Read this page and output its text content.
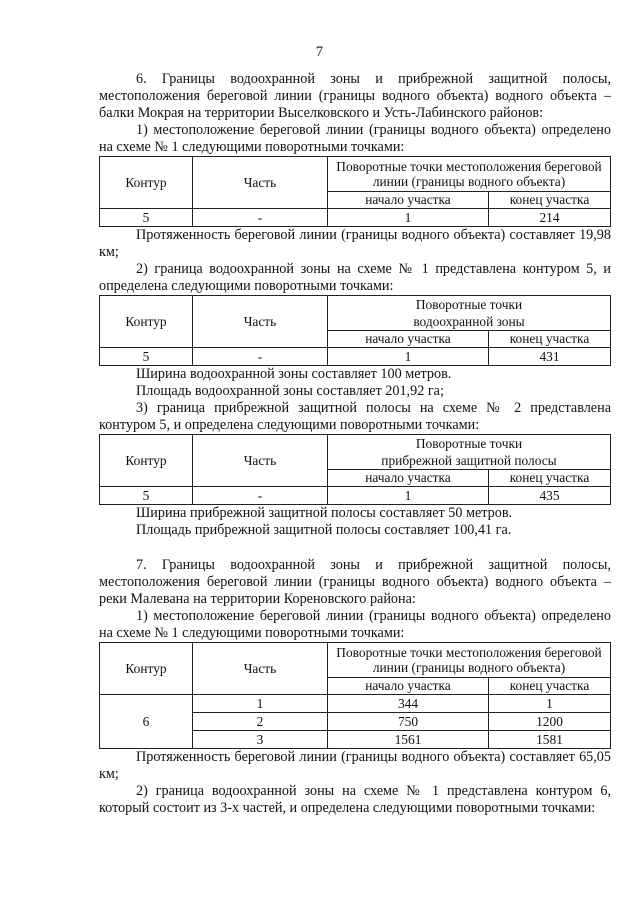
7

6. Границы водоохранной зоны и прибрежной защитной полосы, местоположения береговой линии (границы водного объекта) водного объекта – балки Мокрая на территории Выселковского и Усть-Лабинского районов:

1) местоположение береговой линии (границы водного объекта) определено на схеме № 1 следующими поворотными точками:

Контур	Часть	Поворотные точки местоположения береговой линии (границы водного объекта)	
		начало участка	конец участка
5	-	1	214

Протяженность береговой линии (границы водного объекта) составляет 19,98 км;

2) граница водоохранной зоны на схеме № 1 представлена контуром 5, и определена следующими поворотными точками:

Контур	Часть	Поворотные точки	
		водоохранной зоны	
		начало участка	конец участка
5	-	1	431

Ширина водоохранной зоны составляет 100 метров.

Площадь водоохранной зоны составляет 201,92 га;

3) граница прибрежной защитной полосы на схеме № 2 представлена контуром 5, и определена следующими поворотными точками:

Контур	Часть	Поворотные точки	
		прибрежной защитной полосы	
		начало участка	конец участка
5	-	1	435

Ширина прибрежной защитной полосы составляет 50 метров.

Площадь прибрежной защитной полосы составляет 100,41 га.

7. Границы водоохранной зоны и прибрежной защитной полосы, местоположения береговой линии (границы водного объекта) водного объекта – реки Малевана на территории Кореновского района:

1) местоположение береговой линии (границы водного объекта) определено на схеме № 1 следующими поворотными точками:

Контур	Часть	Поворотные точки местоположения береговой линии (границы водного объекта)	
		начало участка	конец участка
6	1	344	1
	2	750	1200
	3	1561	1581

Протяженность береговой линии (границы водного объекта) составляет 65,05 км;

2) граница водоохранной зоны на схеме № 1 представлена контуром 6, который состоит из 3-х частей, и определена следующими поворотными точками:
